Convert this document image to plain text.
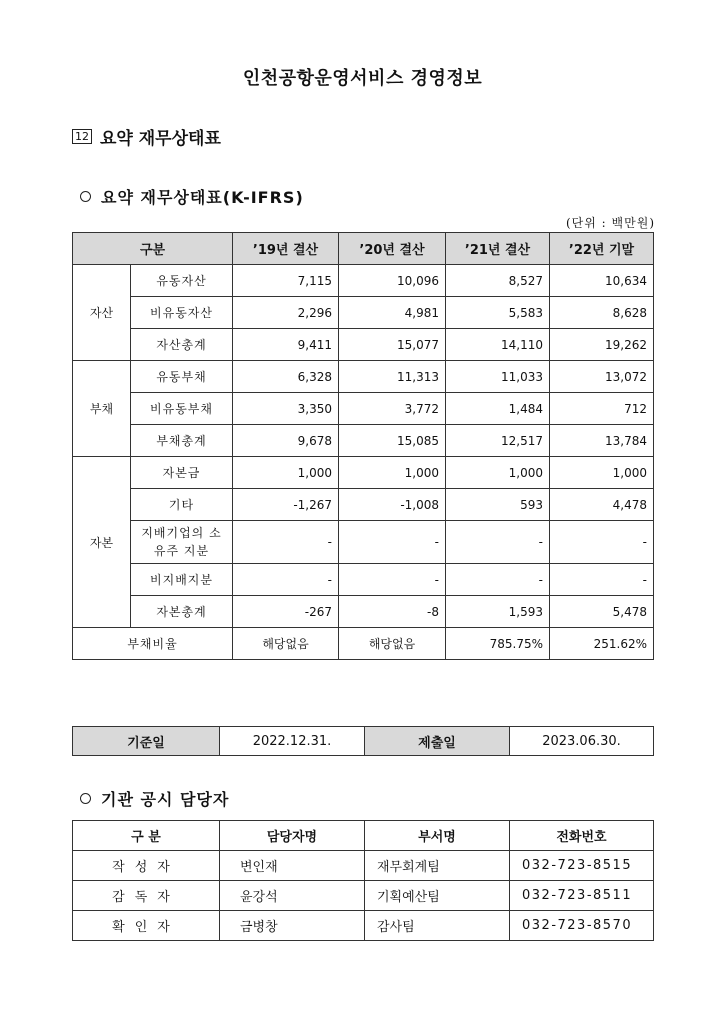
인천공항운영서비스 경영정보
12 요약 재무상태표
요약 재무상태표(K-IFRS)
(단위 : 백만원)
구분		’19년 결산	’20년 결산	’21년 결산	’22년 기말
자산	유동자산	7,115	10,096	8,527	10,634
	비유동자산	2,296	4,981	5,583	8,628
	자산총계	9,411	15,077	14,110	19,262
부채	유동부채	6,328	11,313	11,033	13,072
	비유동부채	3,350	3,772	1,484	712
	부채총계	9,678	15,085	12,517	13,784
자본	자본금	1,000	1,000	1,000	1,000
	기타	-1,267	-1,008	593	4,478
	지배기업의 소유주 지분	-	-	-	-
	비지배지분	-	-	-	-
	자본총계	-267	-8	1,593	5,478
부채비율		해당없음	해당없음	785.75%	251.62%
기준일	2022.12.31.	제출일	2023.06.30.
기관 공시 담당자
구 분	담당자명	부서명	전화번호
작성자	변인재	재무회계팀	032-723-8515
감독자	윤강석	기획예산팀	032-723-8511
확인자	금병창	감사팀	032-723-8570
